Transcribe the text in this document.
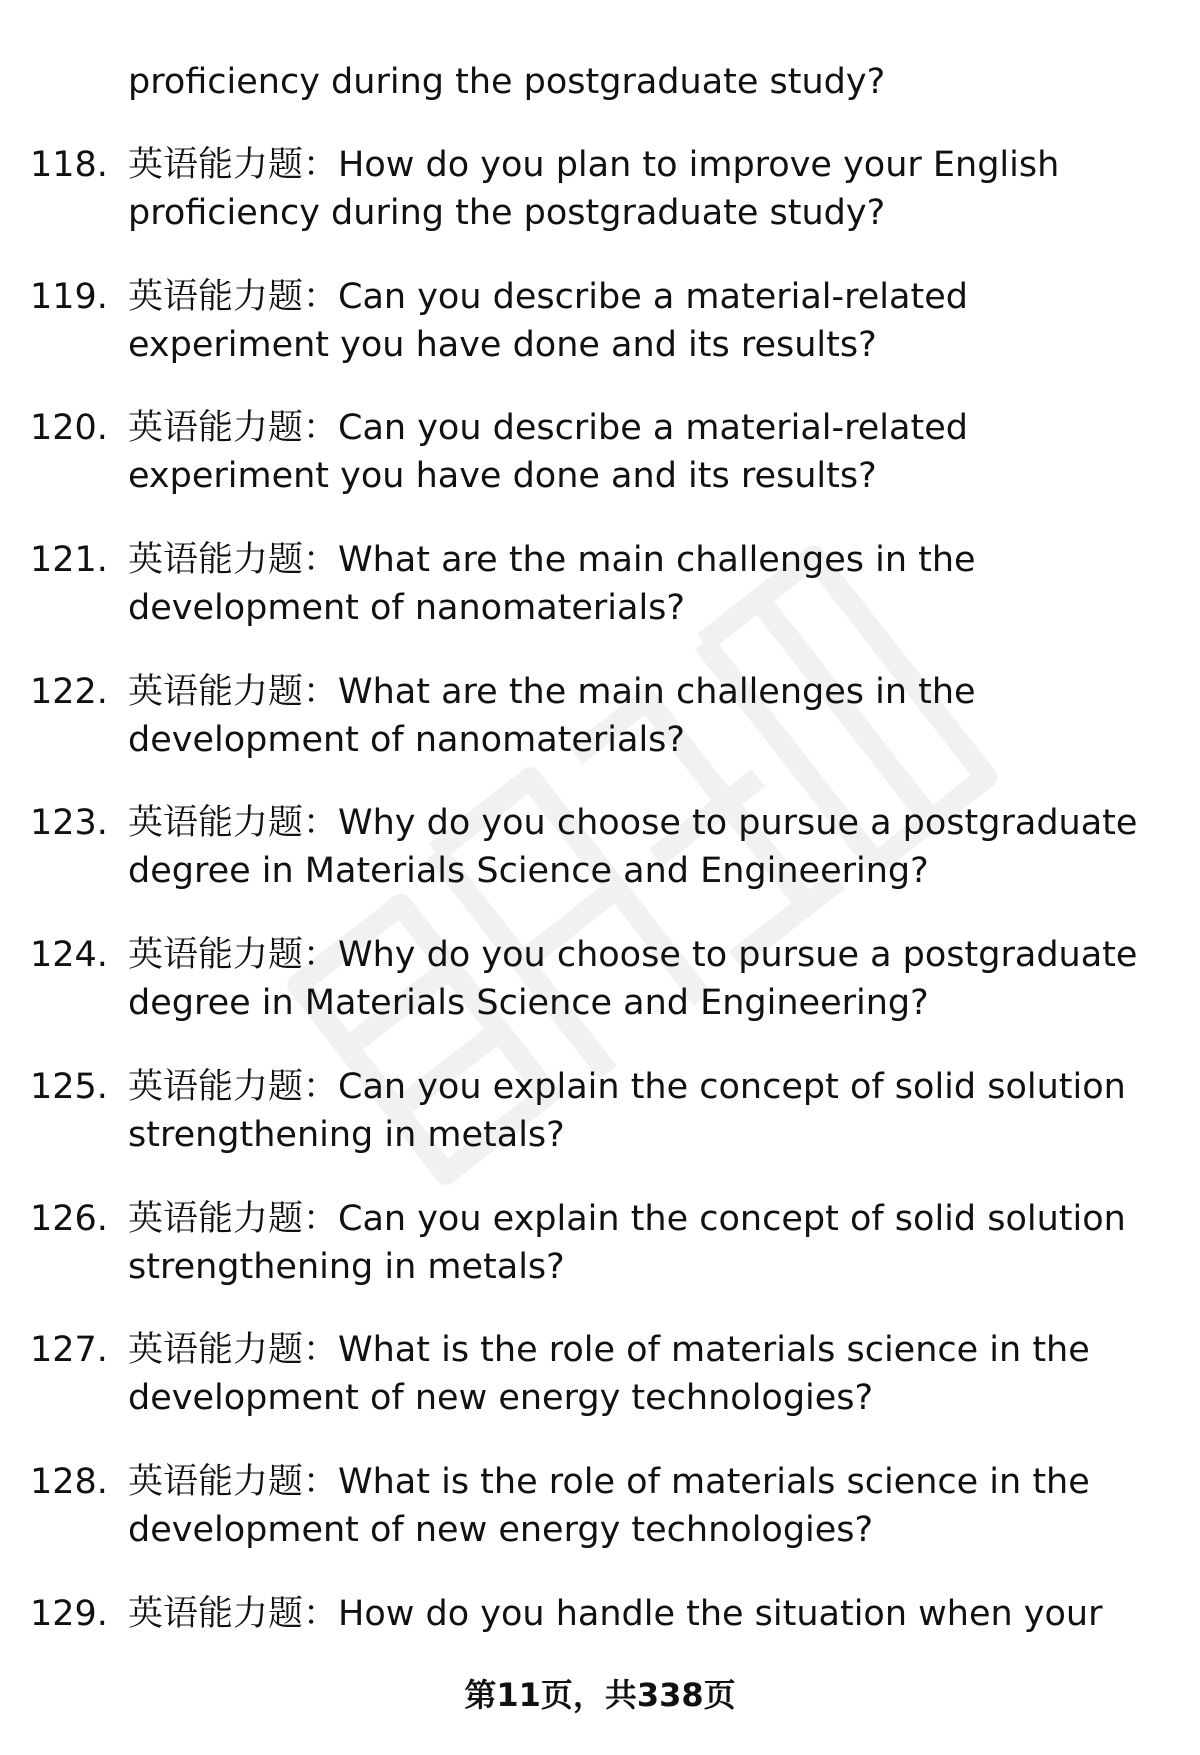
proficiency during the postgraduate study?
118. 英语能力题：How do you plan to improve your English proficiency during the postgraduate study?
119. 英语能力题：Can you describe a material-related experiment you have done and its results?
120. 英语能力题：Can you describe a material-related experiment you have done and its results?
121. 英语能力题：What are the main challenges in the development of nanomaterials?
122. 英语能力题：What are the main challenges in the development of nanomaterials?
123. 英语能力题：Why do you choose to pursue a postgraduate degree in Materials Science and Engineering?
124. 英语能力题：Why do you choose to pursue a postgraduate degree in Materials Science and Engineering?
125. 英语能力题：Can you explain the concept of solid solution strengthening in metals?
126. 英语能力题：Can you explain the concept of solid solution strengthening in metals?
127. 英语能力题：What is the role of materials science in the development of new energy technologies?
128. 英语能力题：What is the role of materials science in the development of new energy technologies?
129. 英语能力题：How do you handle the situation when your
第11页，共338页
